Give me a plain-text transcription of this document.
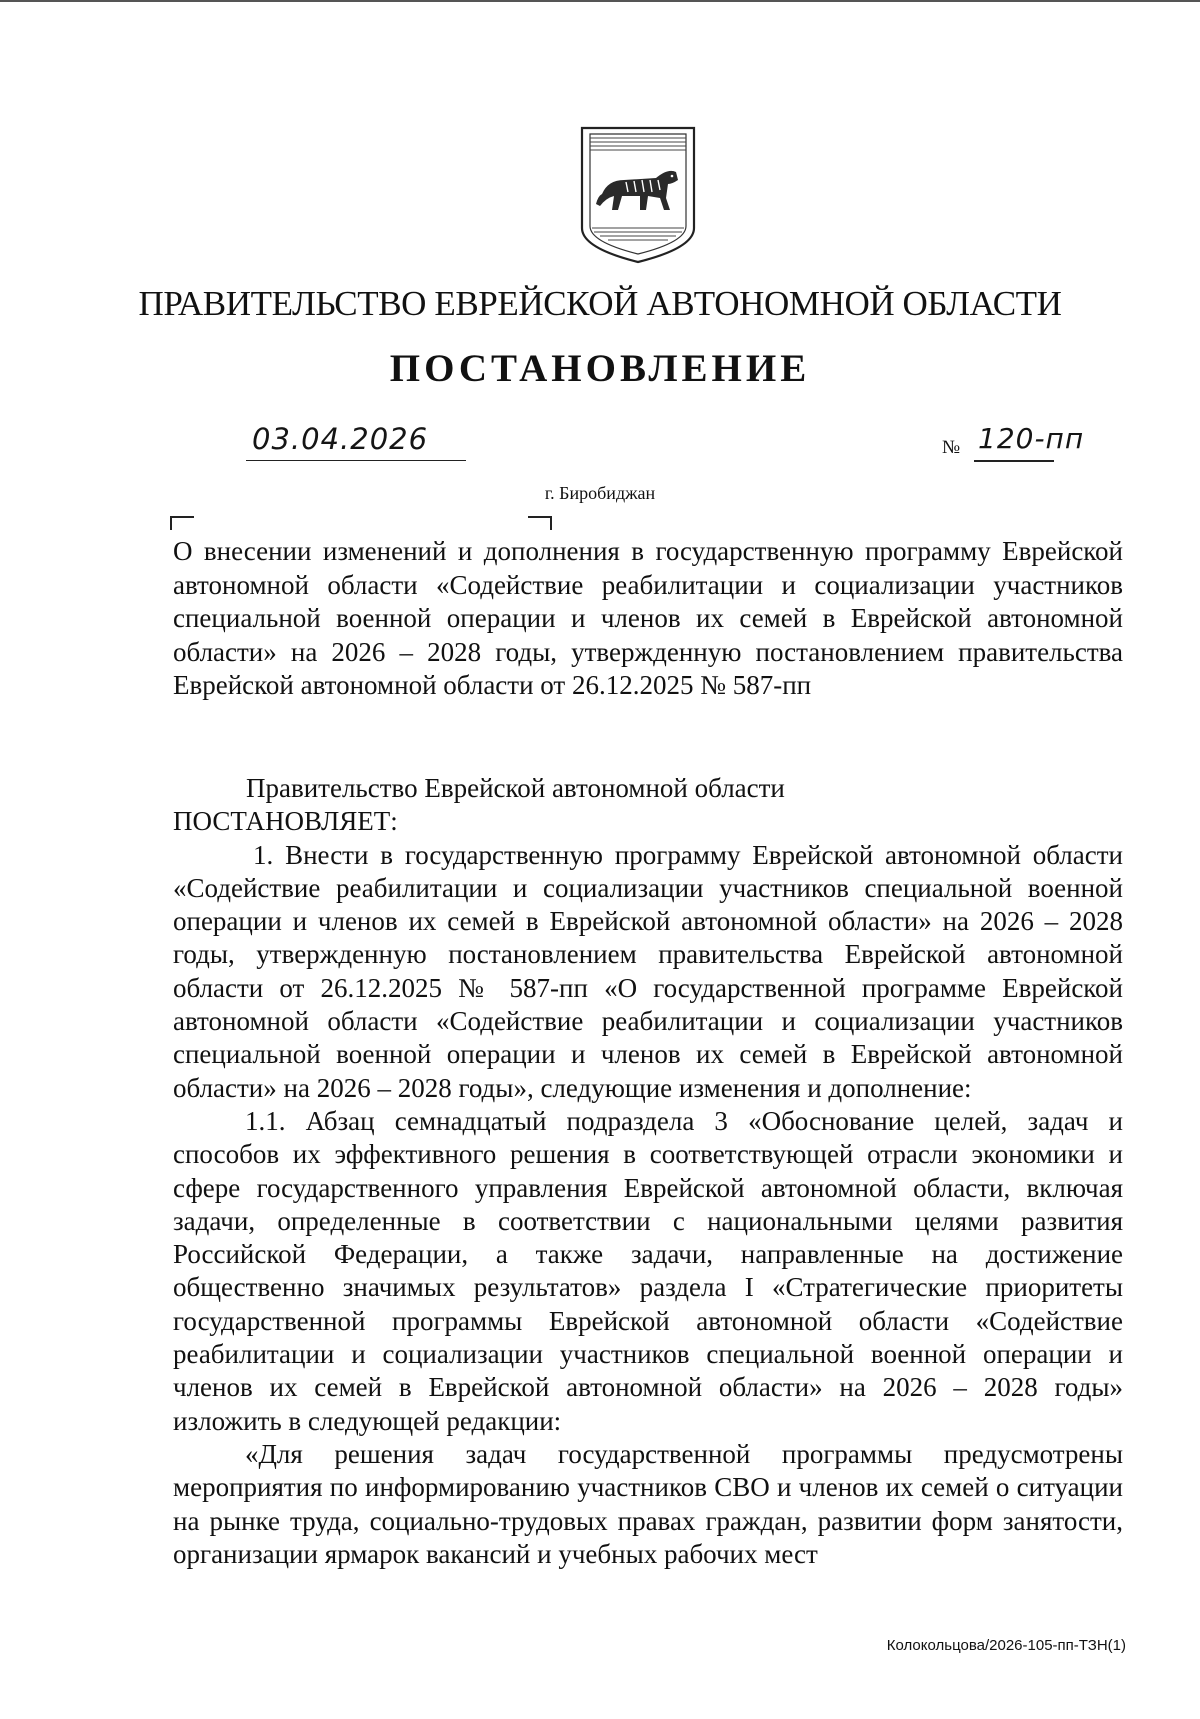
ПРАВИТЕЛЬСТВО ЕВРЕЙСКОЙ АВТОНОМНОЙ ОБЛАСТИ
ПОСТАНОВЛЕНИЕ
03.04.2026	№ 120-пп
г. Биробиджан
О внесении изменений и дополнения в государственную программу Еврейской автономной области «Содействие реабилитации и социализации участников специальной военной операции и членов их семей в Еврейской автономной области» на 2026 – 2028 годы, утвержденную постановлением правительства Еврейской автономной области от 26.12.2025 № 587-пп

Правительство Еврейской автономной области

ПОСТАНОВЛЯЕТ:

1. Внести в государственную программу Еврейской автономной области «Содействие реабилитации и социализации участников специальной военной операции и членов их семей в Еврейской автономной области» на 2026 – 2028 годы, утвержденную постановлением правительства Еврейской автономной области от 26.12.2025 № 587-пп «О государственной программе Еврейской автономной области «Содействие реабилитации и социализации участников специальной военной операции и членов их семей в Еврейской автономной области» на 2026 – 2028 годы», следующие изменения и дополнение:

1.1. Абзац семнадцатый подраздела 3 «Обоснование целей, задач и способов их эффективного решения в соответствующей отрасли экономики и сфере государственного управления Еврейской автономной области, включая задачи, определенные в соответствии с национальными целями развития Российской Федерации, а также задачи, направленные на достижение общественно значимых результатов» раздела I «Стратегические приоритеты государственной программы Еврейской автономной области «Содействие реабилитации и социализации участников специальной военной операции и членов их семей в Еврейской автономной области» на 2026 – 2028 годы» изложить в следующей редакции:

«Для решения задач государственной программы предусмотрены мероприятия по информированию участников СВО и членов их семей о ситуации на рынке труда, социально-трудовых правах граждан, развитии форм занятости, организации ярмарок вакансий и учебных рабочих мест

Колокольцова/2026-105-пп-ТЗН(1)
